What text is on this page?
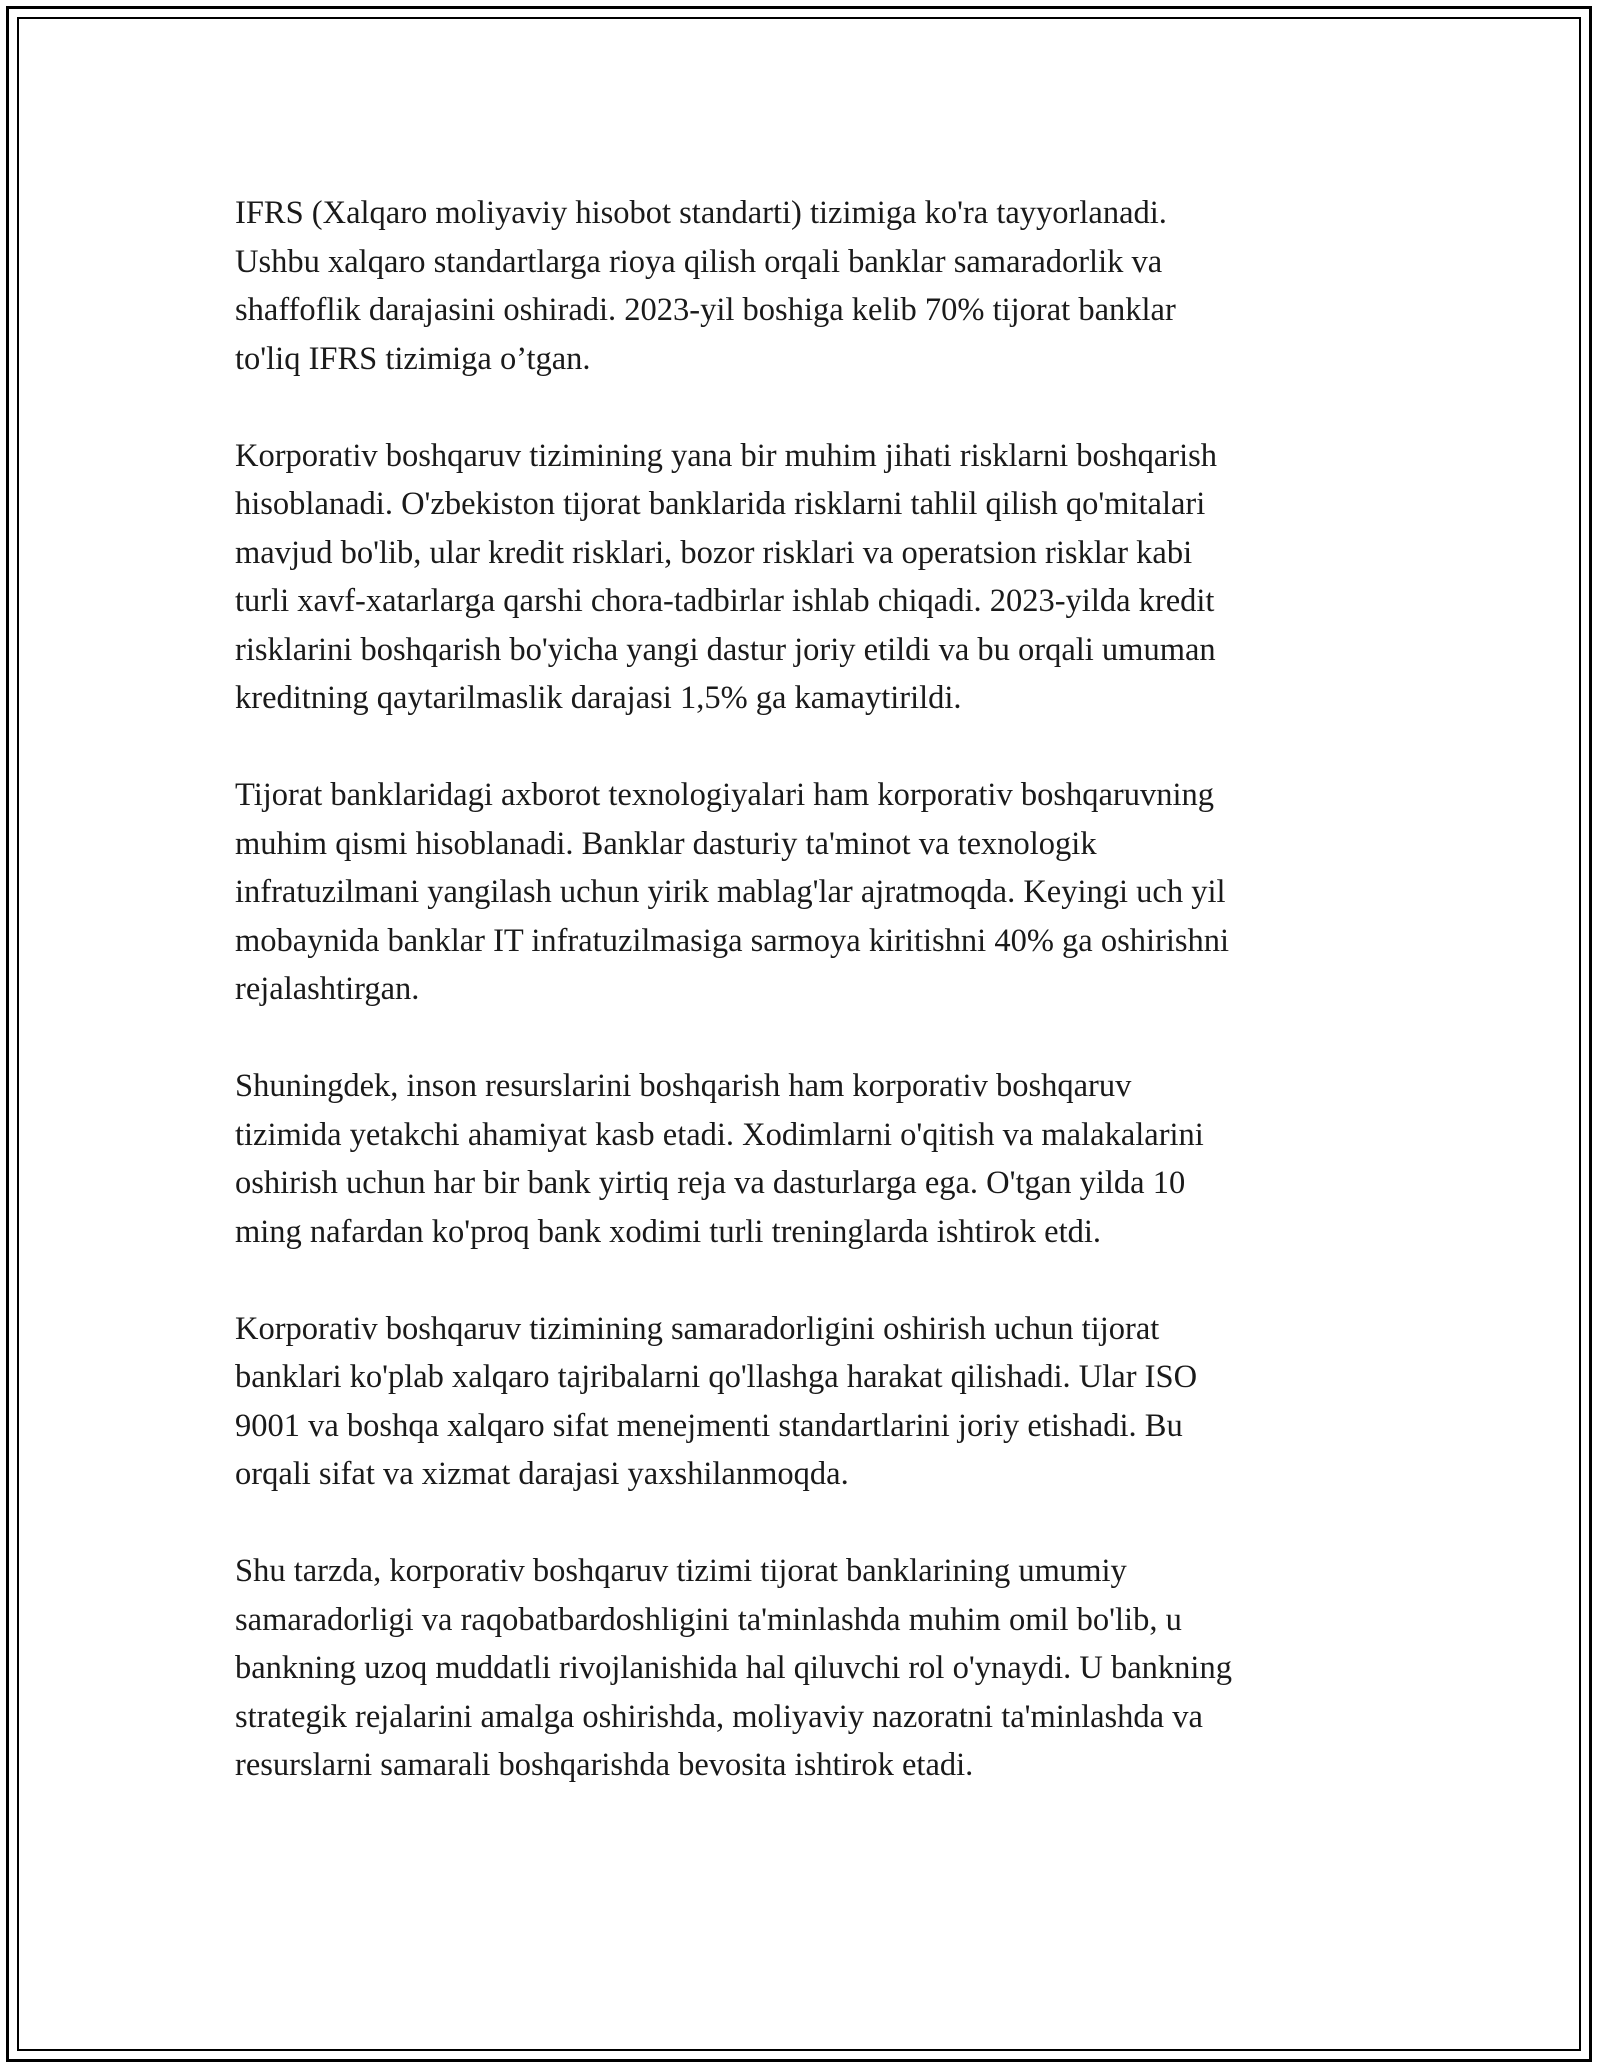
IFRS (Xalqaro moliyaviy hisobot standarti) tizimiga ko'ra tayyorlanadi.
Ushbu xalqaro standartlarga rioya qilish orqali banklar samaradorlik va
shaffoflik darajasini oshiradi. 2023-yil boshiga kelib 70% tijorat banklar
to'liq IFRS tizimiga o’tgan.

Korporativ boshqaruv tizimining yana bir muhim jihati risklarni boshqarish
hisoblanadi. O'zbekiston tijorat banklarida risklarni tahlil qilish qo'mitalari
mavjud bo'lib, ular kredit risklari, bozor risklari va operatsion risklar kabi
turli xavf-xatarlarga qarshi chora-tadbirlar ishlab chiqadi. 2023-yilda kredit
risklarini boshqarish bo'yicha yangi dastur joriy etildi va bu orqali umuman
kreditning qaytarilmaslik darajasi 1,5% ga kamaytirildi.

Tijorat banklaridagi axborot texnologiyalari ham korporativ boshqaruvning
muhim qismi hisoblanadi. Banklar dasturiy ta'minot va texnologik
infratuzilmani yangilash uchun yirik mablag'lar ajratmoqda. Keyingi uch yil
mobaynida banklar IT infratuzilmasiga sarmoya kiritishni 40% ga oshirishni
rejalashtirgan.

Shuningdek, inson resurslarini boshqarish ham korporativ boshqaruv
tizimida yetakchi ahamiyat kasb etadi. Xodimlarni o'qitish va malakalarini
oshirish uchun har bir bank yirtiq reja va dasturlarga ega. O'tgan yilda 10
ming nafardan ko'proq bank xodimi turli treninglarda ishtirok etdi.

Korporativ boshqaruv tizimining samaradorligini oshirish uchun tijorat
banklari ko'plab xalqaro tajribalarni qo'llashga harakat qilishadi. Ular ISO
9001 va boshqa xalqaro sifat menejmenti standartlarini joriy etishadi. Bu
orqali sifat va xizmat darajasi yaxshilanmoqda.

Shu tarzda, korporativ boshqaruv tizimi tijorat banklarining umumiy
samaradorligi va raqobatbardoshligini ta'minlashda muhim omil bo'lib, u
bankning uzoq muddatli rivojlanishida hal qiluvchi rol o'ynaydi. U bankning
strategik rejalarini amalga oshirishda, moliyaviy nazoratni ta'minlashda va
resurslarni samarali boshqarishda bevosita ishtirok etadi.
